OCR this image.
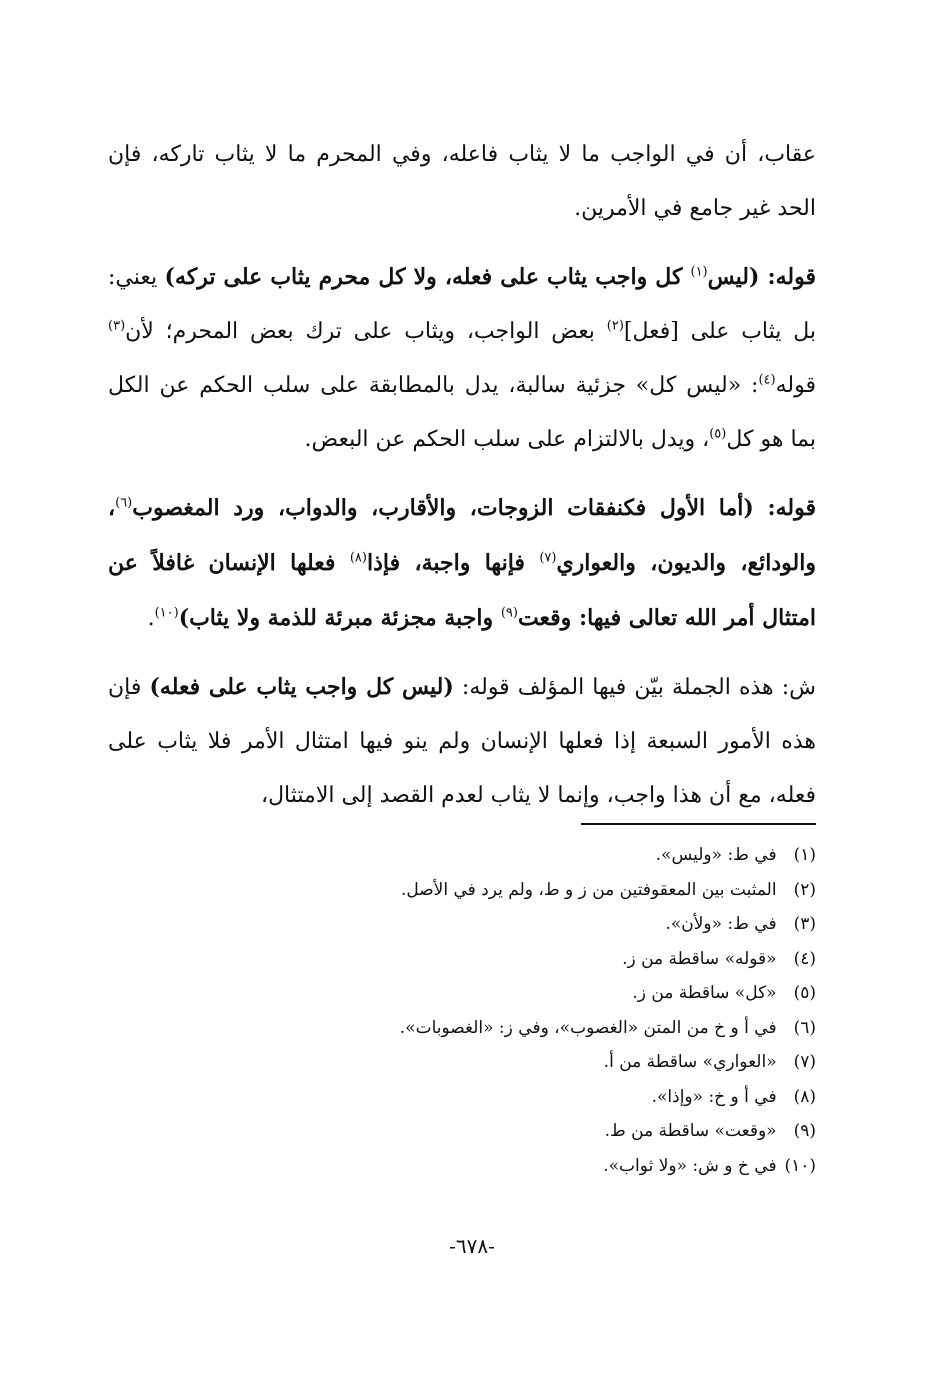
عقاب، أن في الواجب ما لا يثاب فاعله، وفي المحرم ما لا يثاب تاركه، فإن الحد غير جامع في الأمرين.

قوله: (ليس$^{(١)}$ كل واجب يثاب على فعله، ولا كل محرم يثاب على تركه) يعني: بل يثاب على [فعل]$^{(٢)}$ بعض الواجب، ويثاب على ترك بعض المحرم؛ لأن$^{(٣)}$ قوله$^{(٤)}$: «ليس كل» جزئية سالبة، يدل بالمطابقة على سلب الحكم عن الكل بما هو كل$^{(٥)}$، ويدل بالالتزام على سلب الحكم عن البعض.

قوله: (أما الأول فكنفقات الزوجات، والأقارب، والدواب، ورد المغصوب$^{(٦)}$، والودائع، والديون، والعواري$^{(٧)}$ فإنها واجبة، فإذا$^{(٨)}$ فعلها الإنسان غافلاً عن امتثال أمر الله تعالى فيها: وقعت$^{(٩)}$ واجبة مجزئة مبرئة للذمة ولا يثاب)$^{(١٠)}$.

ش: هذه الجملة بيّن فيها المؤلف قوله: (ليس كل واجب يثاب على فعله) فإن هذه الأمور السبعة إذا فعلها الإنسان ولم ينو فيها امتثال الأمر فلا يثاب على فعله، مع أن هذا واجب، وإنما لا يثاب لعدم القصد إلى الامتثال،

(١) في ط: «وليس».
(٢) المثبت بين المعقوفتين من ز و ط، ولم يرد في الأصل.
(٣) في ط: «ولأن».
(٤) «قوله» ساقطة من ز.
(٥) «كل» ساقطة من ز.
(٦) في أ و خ من المتن «الغصوب»، وفي ز: «الغصوبات».
(٧) «العواري» ساقطة من أ.
(٨) في أ و خ: «وإذا».
(٩) «وقعت» ساقطة من ط.
(١٠) في خ و ش: «ولا ثواب».
-٦٧٨-
